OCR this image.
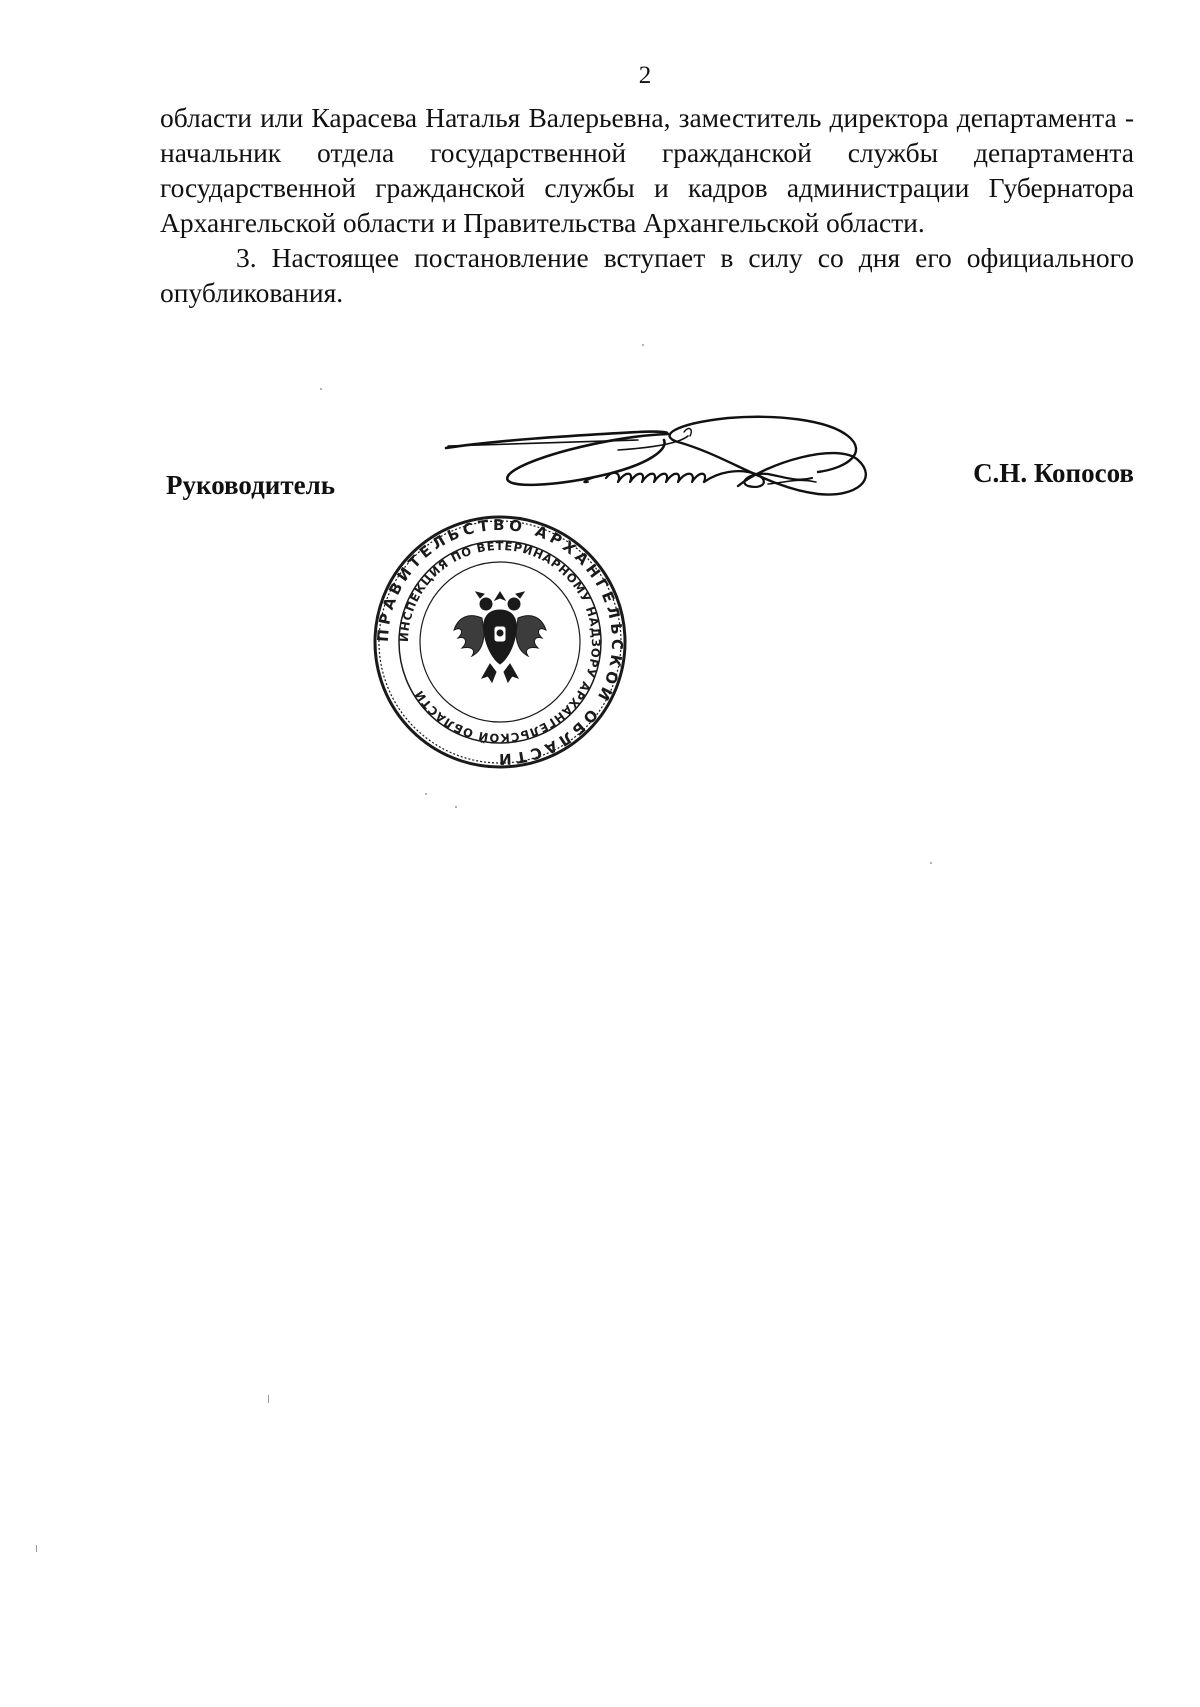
2

области или Карасева Наталья Валерьевна, заместитель директора департамента - начальник отдела государственной гражданской службы департамента государственной гражданской службы и кадров администрации Губернатора Архангельской области и Правительства Архангельской области.

3. Настоящее постановление вступает в силу со дня его официального опубликования.

Руководитель	С.Н. Копосов
ПРАВИТЕЛЬСТВО АРХАНГЕЛЬСКОЙ ОБЛАСТИ
ИНСПЕКЦИЯ ПО ВЕТЕРИНАРНОМУ НАДЗОРУ АРХАНГЕЛЬСКОЙ ОБЛАСТИ
